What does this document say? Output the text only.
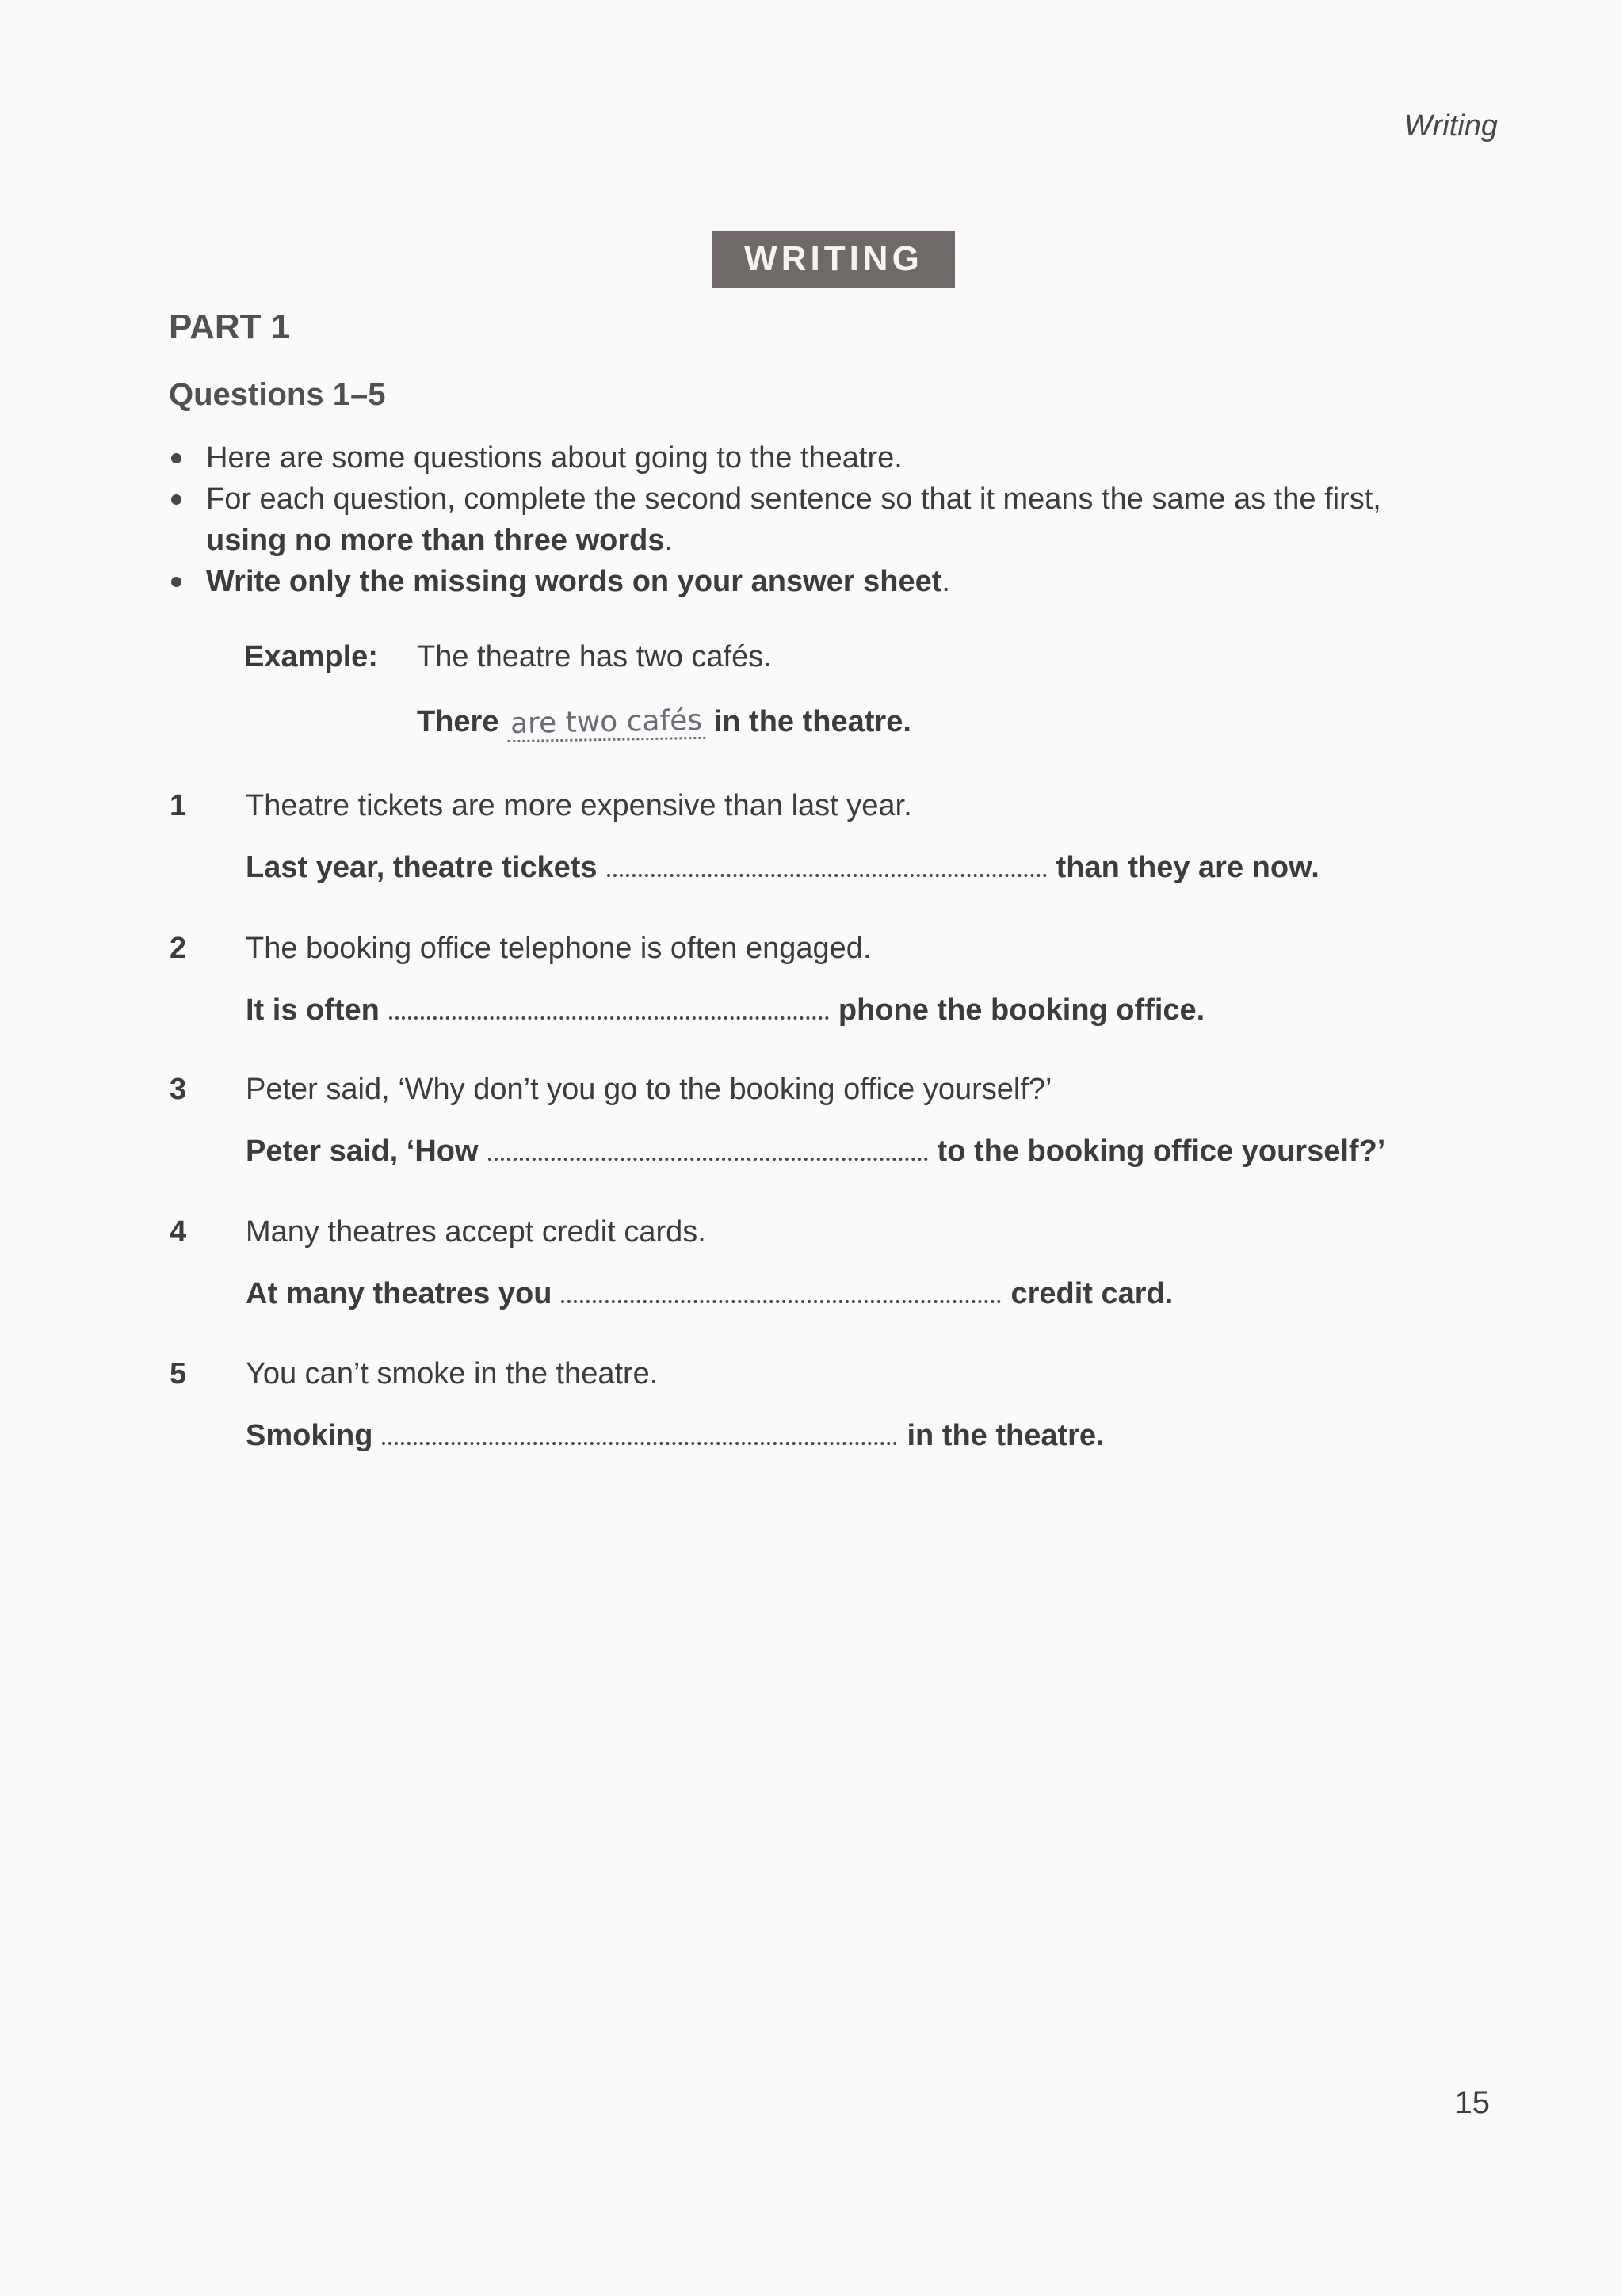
Writing
WRITING
PART 1
Questions 1–5
Here are some questions about going to the theatre.
For each question, complete the second sentence so that it means the same as the first,
using no more than three words.
Write only the missing words on your answer sheet.
Example: The theatre has two cafés.
There are two cafés in the theatre.
1 Theatre tickets are more expensive than last year.
Last year, theatre tickets	than they are now.
2 The booking office telephone is often engaged.
It is often	phone the booking office.
3 Peter said, ‘Why don’t you go to the booking office yourself?’
Peter said, ‘How	to the booking office yourself?’
4 Many theatres accept credit cards.
At many theatres you	credit card.
5 You can’t smoke in the theatre.
Smoking	in the theatre.
15
